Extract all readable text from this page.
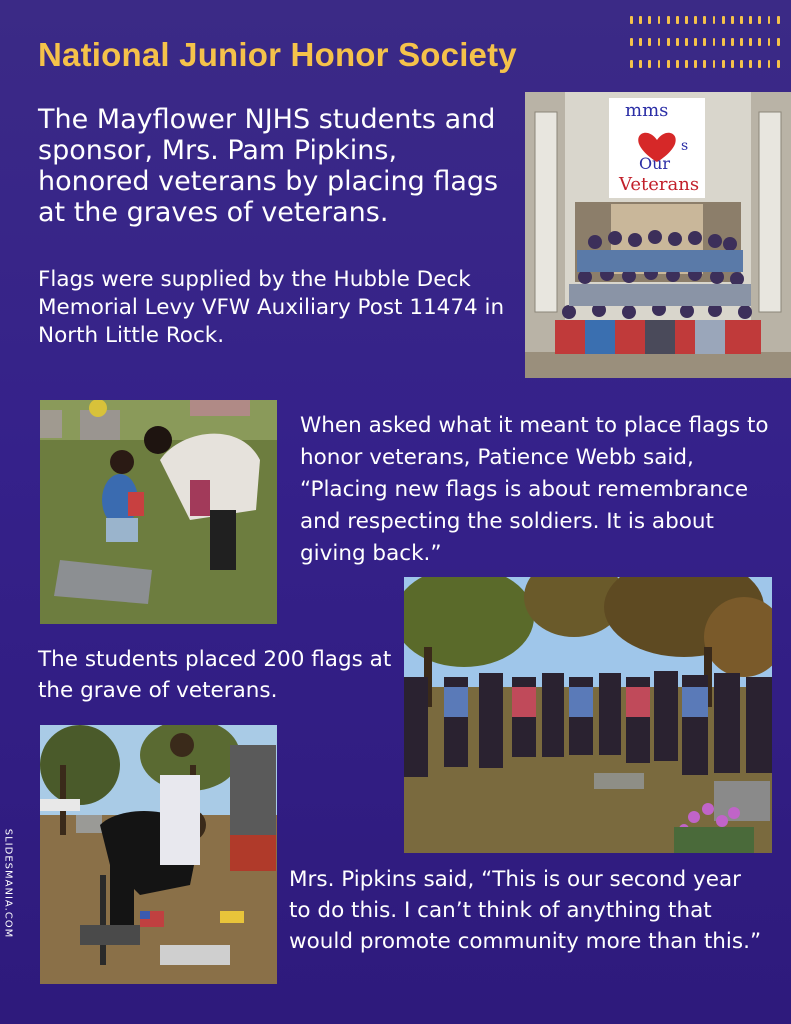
National Junior Honor Society
The Mayflower NJHS students and sponsor, Mrs. Pam Pipkins, honored veterans by placing flags at the graves of veterans.
Flags were supplied by the Hubble Deck Memorial Levy VFW Auxiliary Post 11474 in North Little Rock.
When asked what it meant to place flags to honor veterans, Patience Webb said, “Placing new flags is about remembrance and respecting the soldiers. It is about giving back.”
The students placed 200 flags at the grave of veterans.
Mrs. Pipkins said, “This is our second year to do this. I can’t think of anything that would promote community more than this.”
mms
s
Our
Veterans
SLIDESMANIA.COM
